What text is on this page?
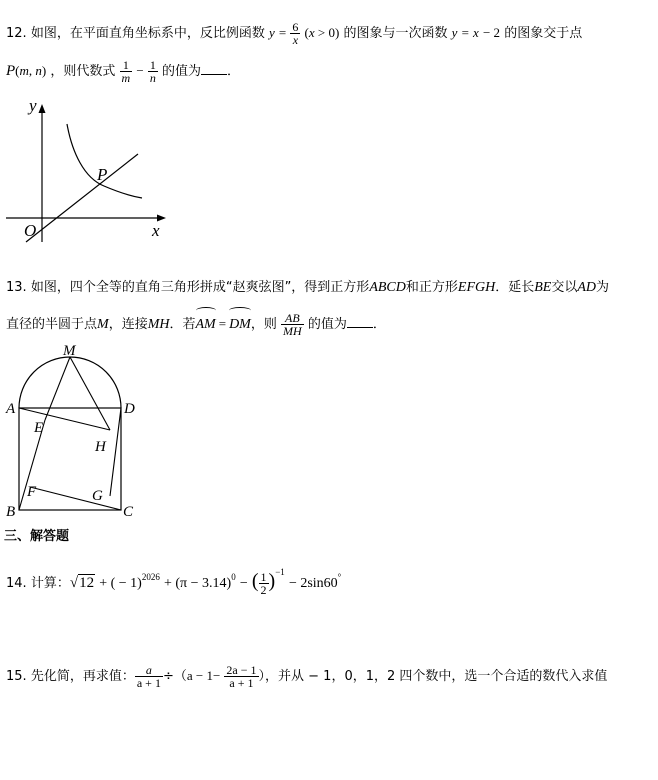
12. 如图，在平面直角坐标系中，反比例函数 $y = \frac{6}{x} (x > 0)$ 的图象与一次函数 y = x − 2 的图象交于点
P(m, n) ，则代数式 $\frac{1}{m} - \frac{1}{n}$ 的值为 ．
y
x
O
P
13. 如图，四个全等的直角三角形拼成“赵爽弦图”，得到正方形ABCD和正方形EFGH．延长BE交以AD为
直径的半圆于点M，连接MH．若AM = DM，则 $\frac{AB}{MH}$ 的值为 ．
M
A	D
E
H
F	G
B	C
三、解答题
14. 计算：√12 + ( − $1)^{2026} + (\pi - 3.14)^0$ − ( $\frac{1}{2} )^{-1} - 2\sin 60^\circ$
15. 先化简，再求值： $\frac{a}{a + 1} \div(a - 1- \frac{2a - 1}{a + 1}$ ），并从 − 1，0，1，2 四个数中，选一个合适的数代入求值
